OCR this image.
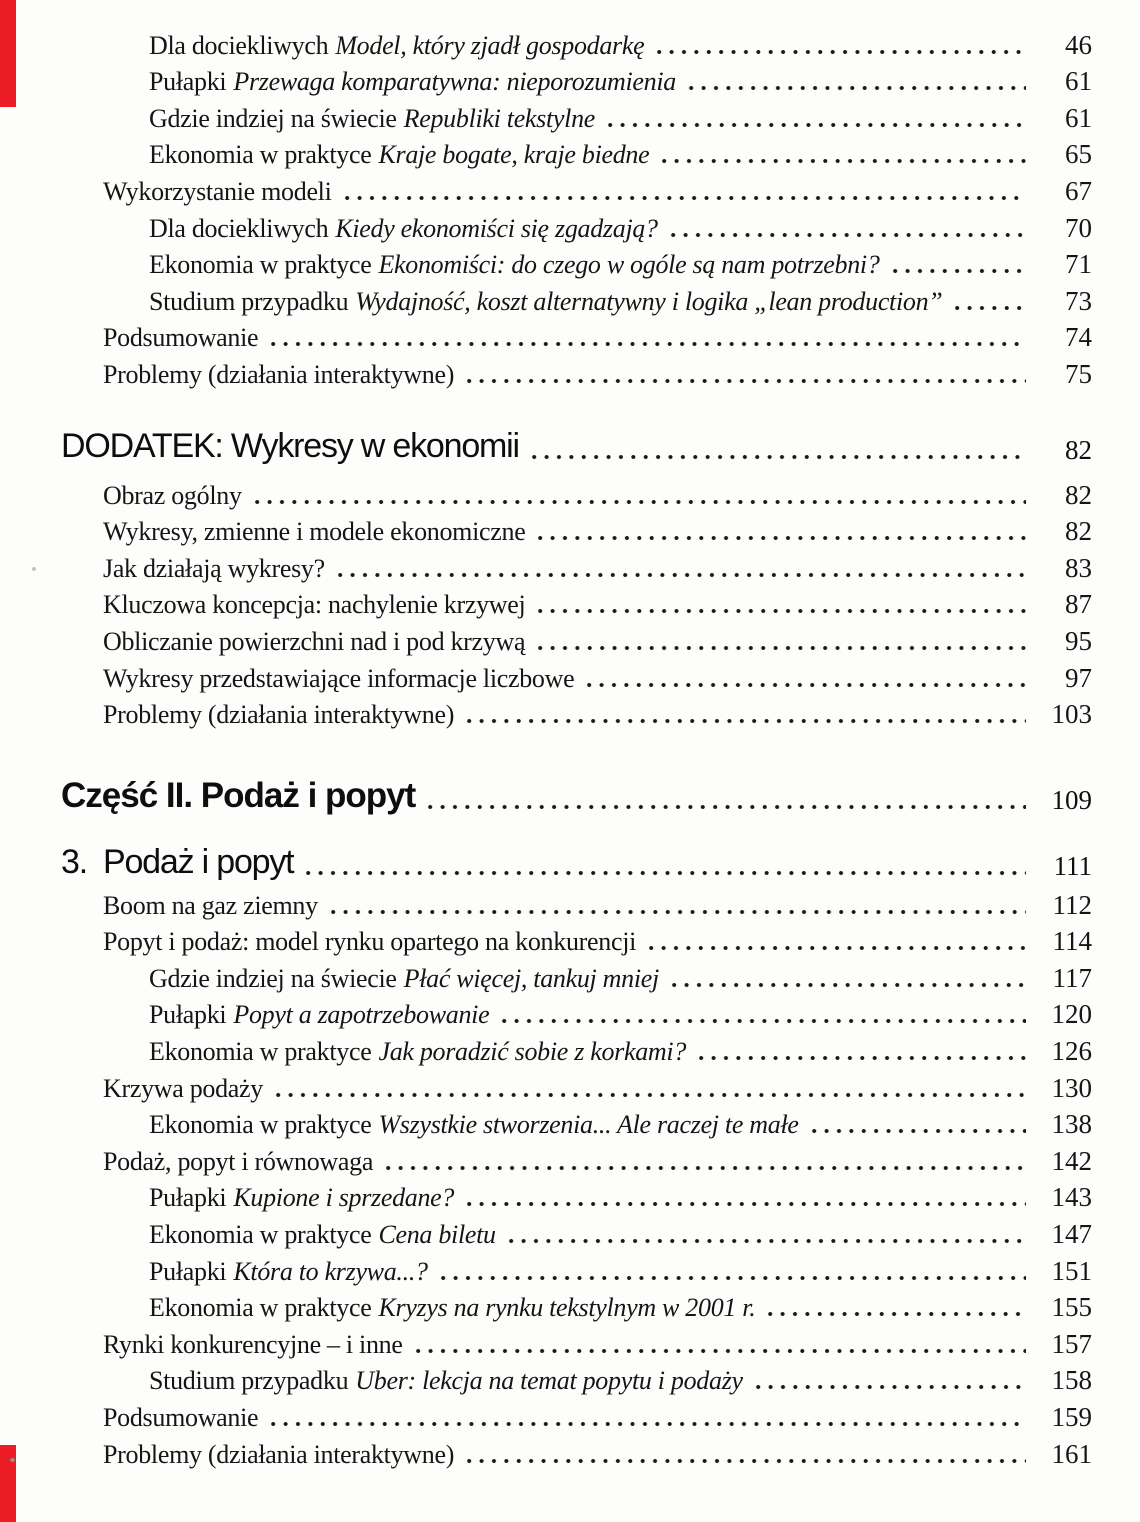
Dla dociekliwych Model, który zjadł gospodarkę	46
Pułapki Przewaga komparatywna: nieporozumienia	61
Gdzie indziej na świecie Republiki tekstylne	61
Ekonomia w praktyce Kraje bogate, kraje biedne	65
Wykorzystanie modeli	67
Dla dociekliwych Kiedy ekonomiści się zgadzają?	70
Ekonomia w praktyce Ekonomiści: do czego w ogóle są nam potrzebni?	71
Studium przypadku Wydajność, koszt alternatywny i logika „lean production”	73
Podsumowanie	74
Problemy (działania interaktywne)	75
DODATEK: Wykresy w ekonomii	82
Obraz ogólny	82
Wykresy, zmienne i modele ekonomiczne	82
Jak działają wykresy?	83
Kluczowa koncepcja: nachylenie krzywej	87
Obliczanie powierzchni nad i pod krzywą	95
Wykresy przedstawiające informacje liczbowe	97
Problemy (działania interaktywne)	103
Część II. Podaż i popyt	109
3. Podaż i popyt	111
Boom na gaz ziemny	112
Popyt i podaż: model rynku opartego na konkurencji	114
Gdzie indziej na świecie Płać więcej, tankuj mniej	117
Pułapki Popyt a zapotrzebowanie	120
Ekonomia w praktyce Jak poradzić sobie z korkami?	126
Krzywa podaży	130
Ekonomia w praktyce Wszystkie stworzenia... Ale raczej te małe	138
Podaż, popyt i równowaga	142
Pułapki Kupione i sprzedane?	143
Ekonomia w praktyce Cena biletu	147
Pułapki Która to krzywa...?	151
Ekonomia w praktyce Kryzys na rynku tekstylnym w 2001 r.	155
Rynki konkurencyjne – i inne	157
Studium przypadku Uber: lekcja na temat popytu i podaży	158
Podsumowanie	159
Problemy (działania interaktywne)	161
